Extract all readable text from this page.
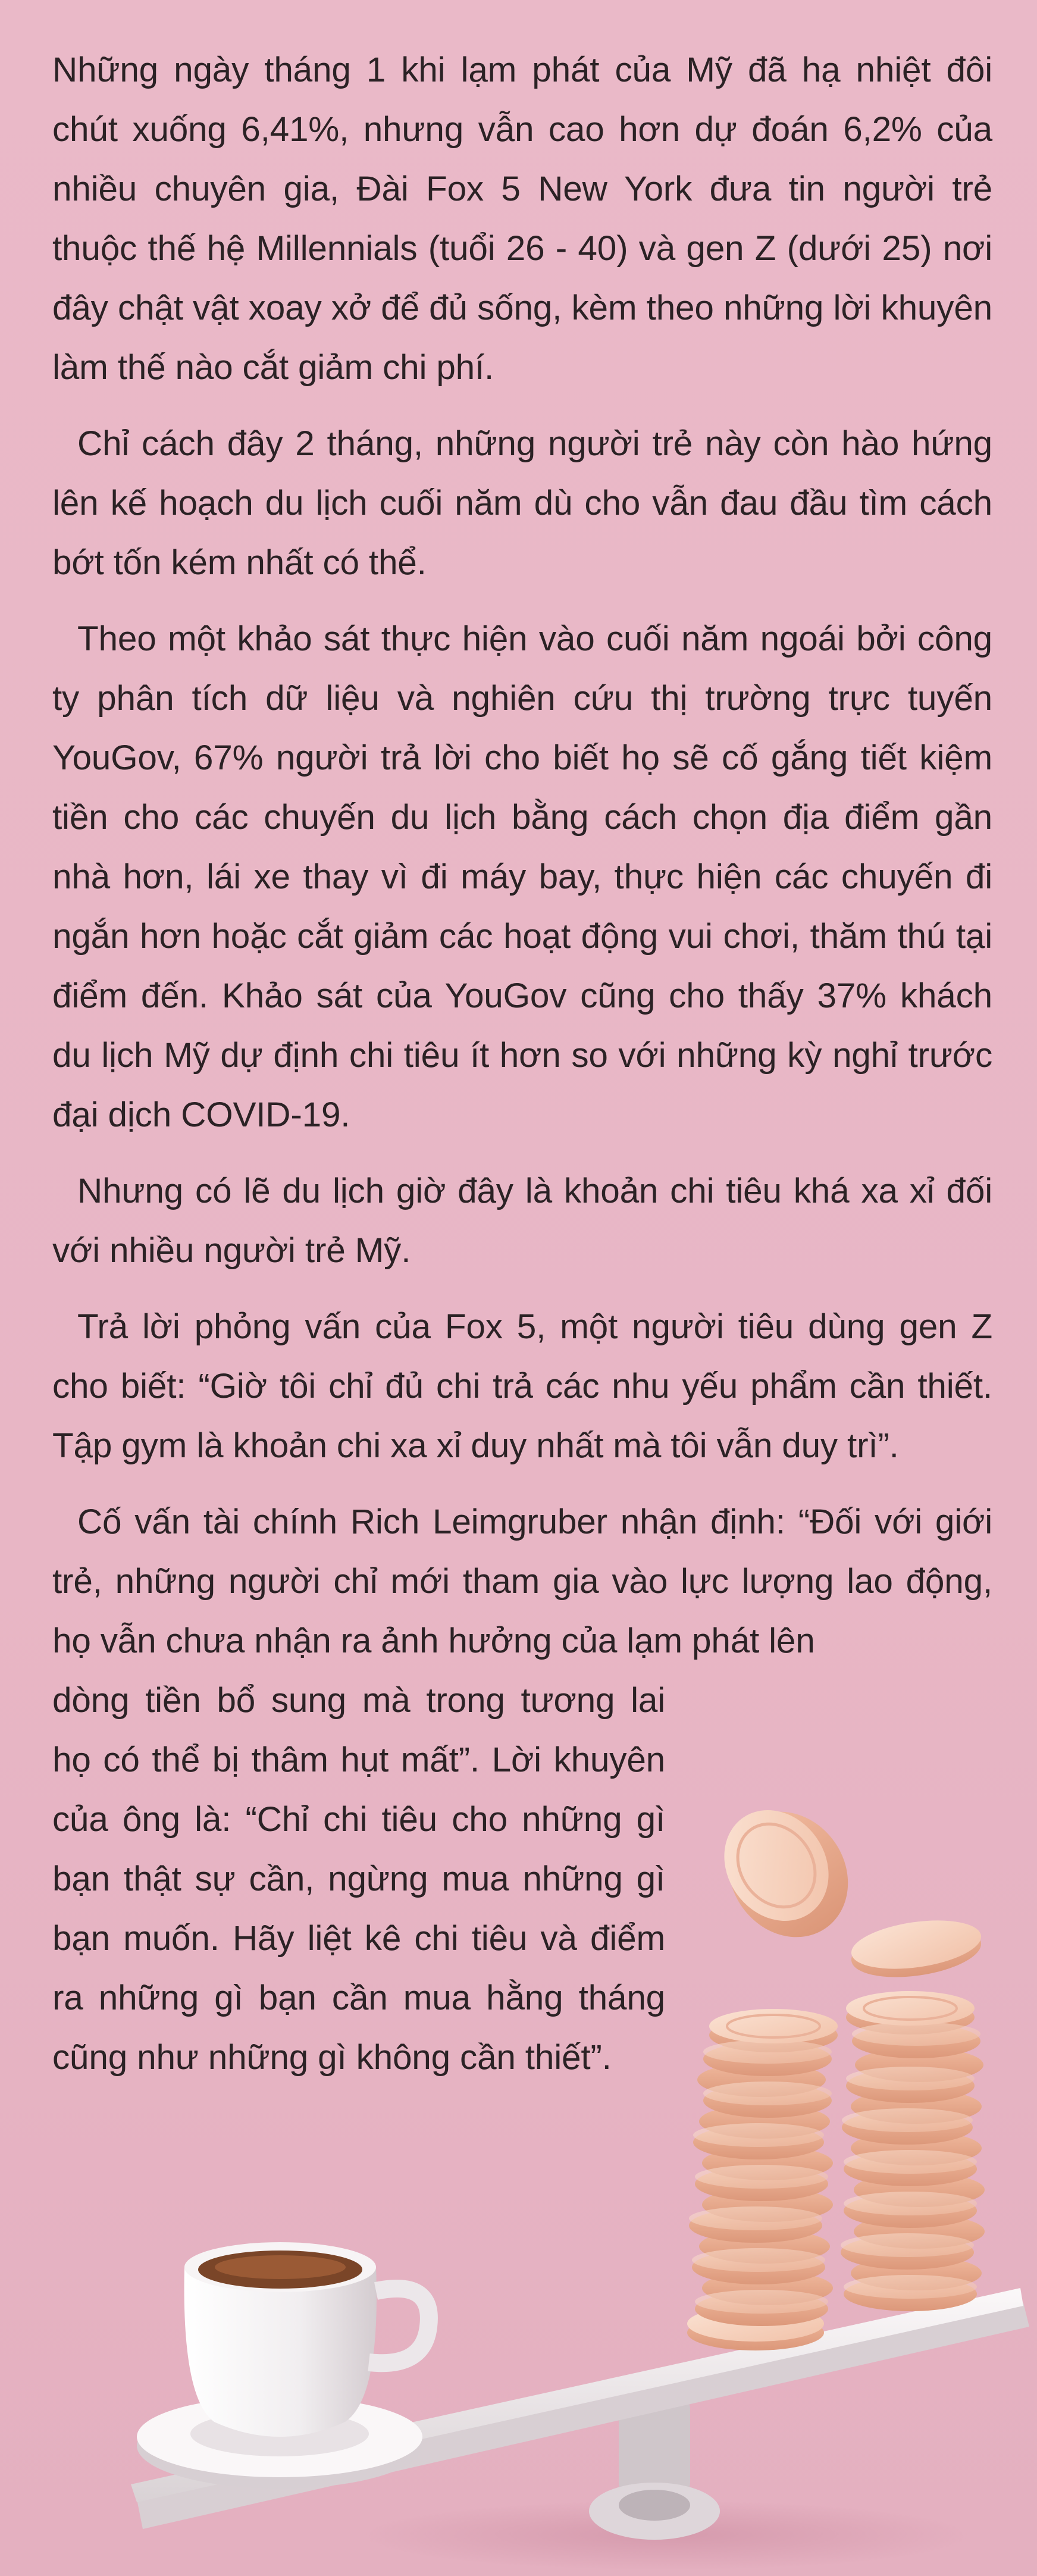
Những ngày tháng 1 khi lạm phát của Mỹ đã hạ nhiệt đôi chút xuống 6,41%, nhưng vẫn cao hơn dự đoán 6,2% của nhiều chuyên gia, Đài Fox 5 New York đưa tin người trẻ thuộc thế hệ Millennials (tuổi 26 - 40) và gen Z (dưới 25) nơi đây chật vật xoay xở để đủ sống, kèm theo những lời khuyên làm thế nào cắt giảm chi phí.

Chỉ cách đây 2 tháng, những người trẻ này còn hào hứng lên kế hoạch du lịch cuối năm dù cho vẫn đau đầu tìm cách bớt tốn kém nhất có thể.

Theo một khảo sát thực hiện vào cuối năm ngoái bởi công ty phân tích dữ liệu và nghiên cứu thị trường trực tuyến YouGov, 67% người trả lời cho biết họ sẽ cố gắng tiết kiệm tiền cho các chuyến du lịch bằng cách chọn địa điểm gần nhà hơn, lái xe thay vì đi máy bay, thực hiện các chuyến đi ngắn hơn hoặc cắt giảm các hoạt động vui chơi, thăm thú tại điểm đến. Khảo sát của YouGov cũng cho thấy 37% khách du lịch Mỹ dự định chi tiêu ít hơn so với những kỳ nghỉ trước đại dịch COVID-19.

Nhưng có lẽ du lịch giờ đây là khoản chi tiêu khá xa xỉ đối với nhiều người trẻ Mỹ.

Trả lời phỏng vấn của Fox 5, một người tiêu dùng gen Z cho biết: “Giờ tôi chỉ đủ chi trả các nhu yếu phẩm cần thiết. Tập gym là khoản chi xa xỉ duy nhất mà tôi vẫn duy trì”.

Cố vấn tài chính Rich Leimgruber nhận định: “Đối với giới trẻ, những người chỉ mới tham gia vào lực lượng lao động, họ vẫn chưa nhận ra ảnh hưởng của lạm phát lên

dòng tiền bổ sung mà trong tương lai họ có thể bị thâm hụt mất”. Lời khuyên của ông là: “Chỉ chi tiêu cho những gì bạn thật sự cần, ngừng mua những gì bạn muốn. Hãy liệt kê chi tiêu và điểm ra những gì bạn cần mua hằng tháng cũng như những gì không cần thiết”.
